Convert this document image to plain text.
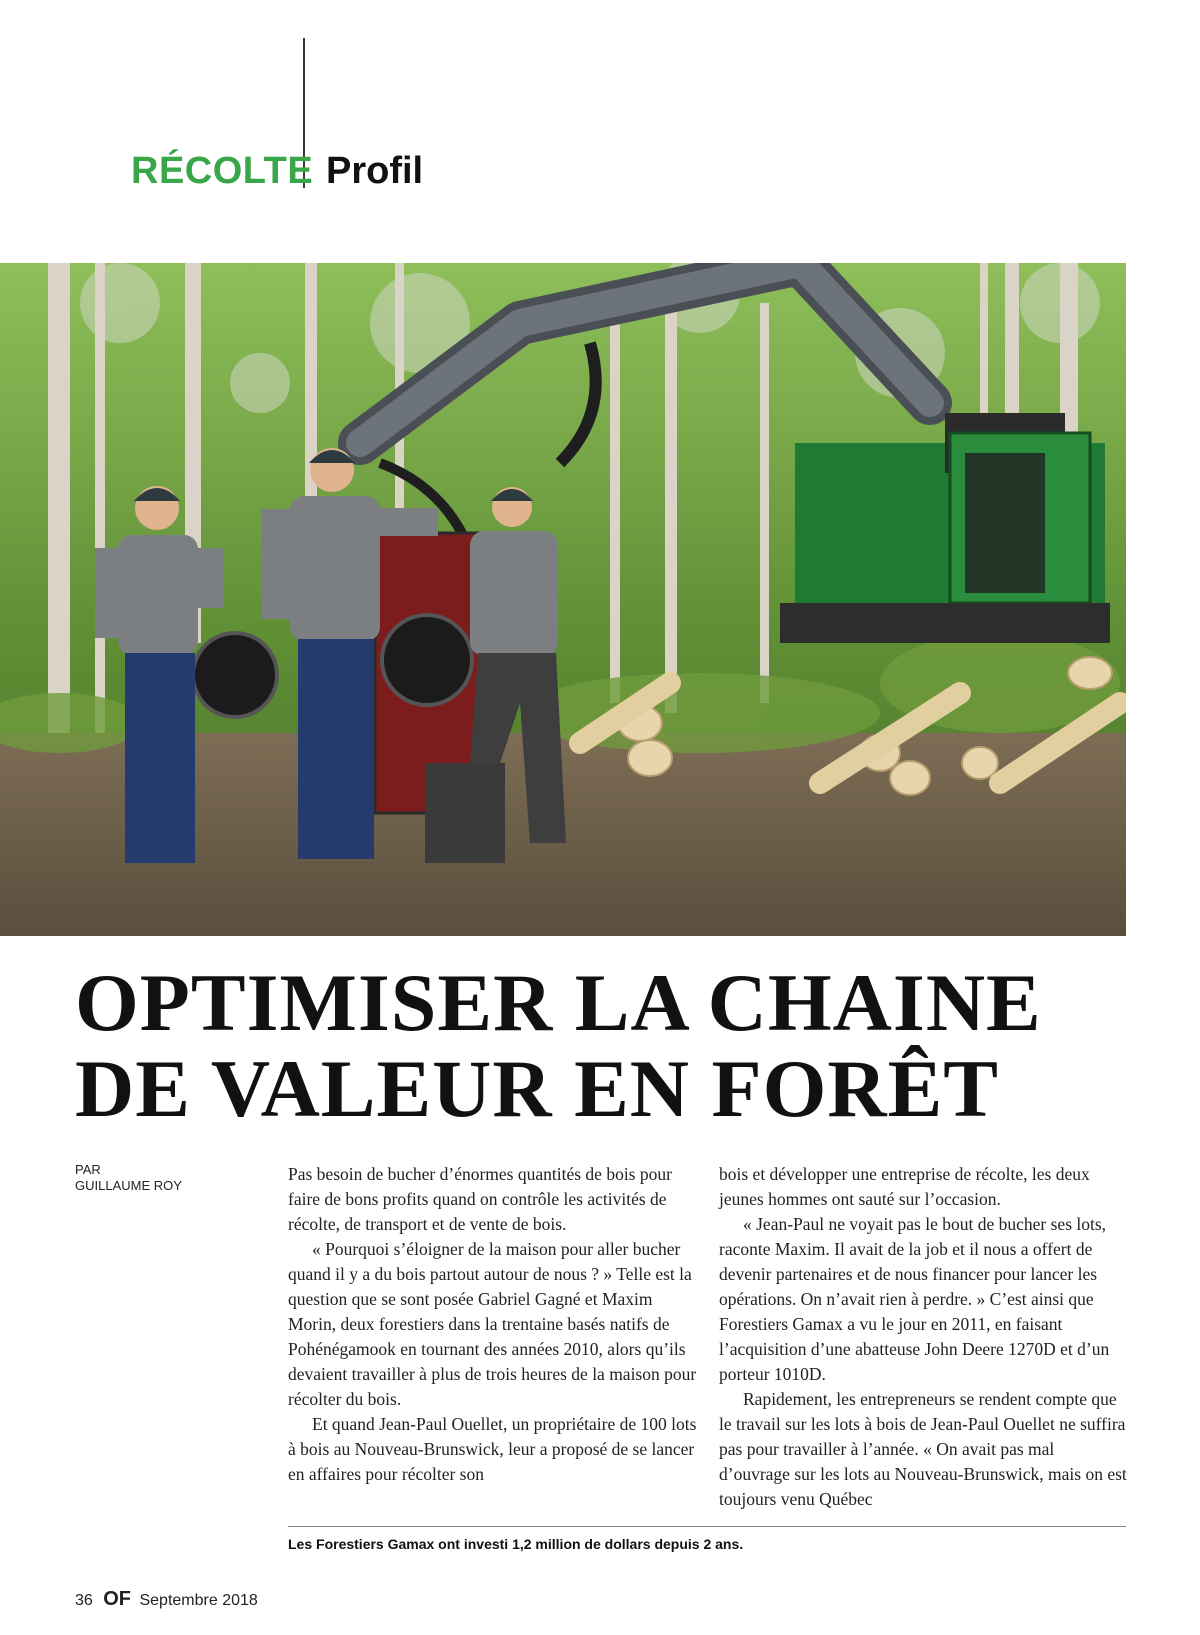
RÉCOLTE Profil
OPTIMISER LA CHAINE
DE VALEUR EN FORÊT
PAR
GUILLAUME ROY

Pas besoin de bucher d’énormes quantités de bois pour faire de bons profits quand on contrôle les activités de récolte, de transport et de vente de bois.

« Pourquoi s’éloigner de la maison pour aller bucher quand il y a du bois partout autour de nous ? » Telle est la question que se sont posée Gabriel Gagné et Maxim Morin, deux forestiers dans la trentaine basés natifs de Pohénégamook en tournant des années 2010, alors qu’ils devaient travailler à plus de trois heures de la maison pour récolter du bois.

Et quand Jean-Paul Ouellet, un propriétaire de 100 lots à bois au Nouveau-Brunswick, leur a proposé de se lancer en affaires pour récolter son

bois et développer une entreprise de récolte, les deux jeunes hommes ont sauté sur l’occasion.

« Jean-Paul ne voyait pas le bout de bucher ses lots, raconte Maxim. Il avait de la job et il nous a offert de devenir partenaires et de nous financer pour lancer les opérations. On n’avait rien à perdre. » C’est ainsi que Forestiers Gamax a vu le jour en 2011, en faisant l’acquisition d’une abatteuse John Deere 1270D et d’un porteur 1010D.

Rapidement, les entrepreneurs se rendent compte que le travail sur les lots à bois de Jean-Paul Ouellet ne suffira pas pour travailler à l’année. « On avait pas mal d’ouvrage sur les lots au Nouveau-Brunswick, mais on est toujours venu Québec

Les Forestiers Gamax ont investi 1,2 million de dollars depuis 2 ans.
36 OF Septembre 2018
